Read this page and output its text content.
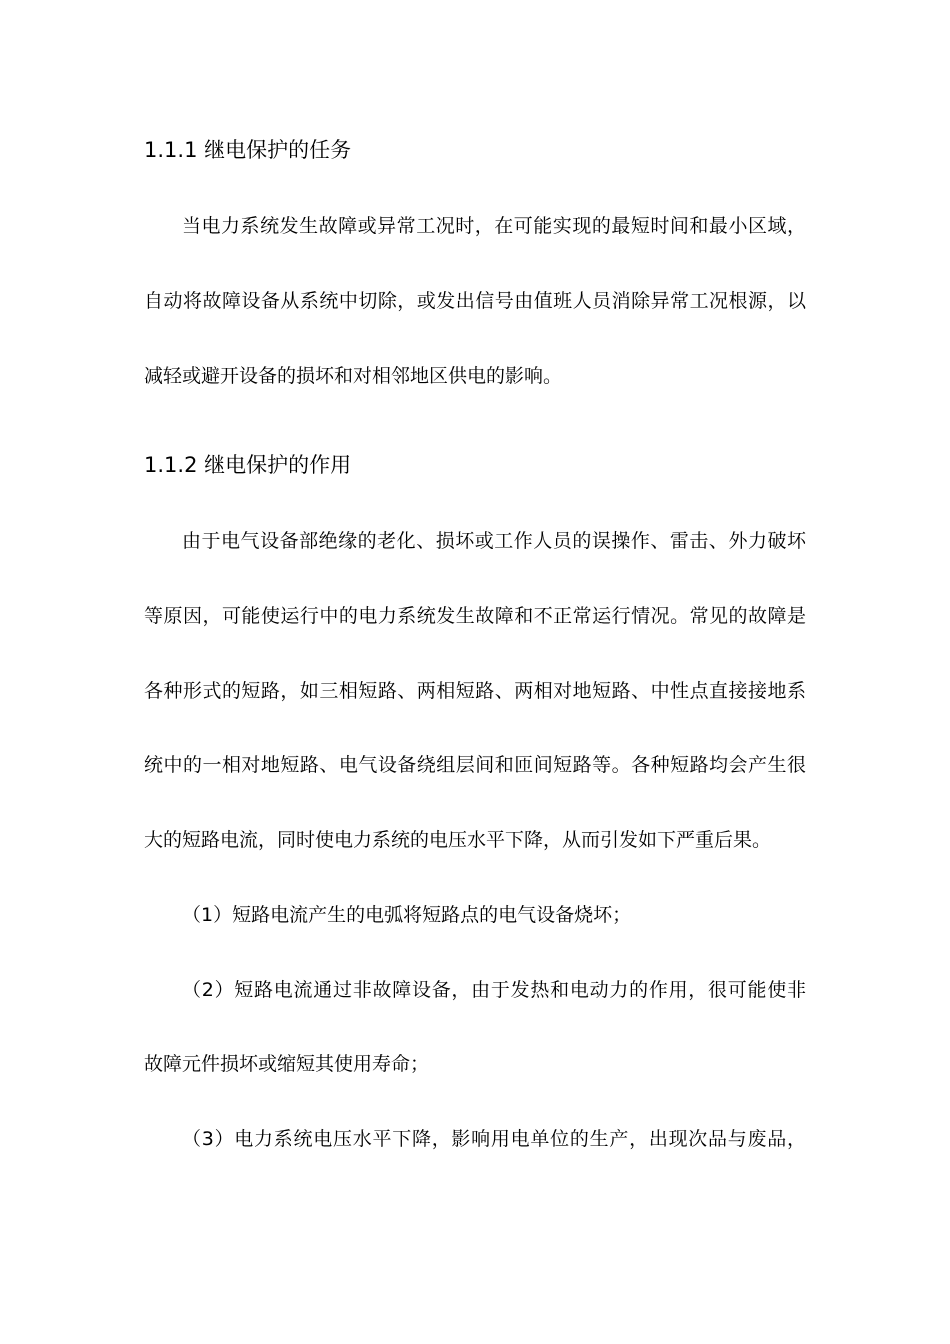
1.1.1 继电保护的任务
当电力系统发生故障或异常工况时，在可能实现的最短时间和最小区域，
自动将故障设备从系统中切除，或发出信号由值班人员消除异常工况根源，以
减轻或避开设备的损坏和对相邻地区供电的影响。
1.1.2 继电保护的作用
由于电气设备部绝缘的老化、损坏或工作人员的误操作、雷击、外力破坏
等原因，可能使运行中的电力系统发生故障和不正常运行情况。常见的故障是
各种形式的短路，如三相短路、两相短路、两相对地短路、中性点直接接地系
统中的一相对地短路、电气设备绕组层间和匝间短路等。各种短路均会产生很
大的短路电流，同时使电力系统的电压水平下降，从而引发如下严重后果。
（1）短路电流产生的电弧将短路点的电气设备烧坏；
（2）短路电流通过非故障设备，由于发热和电动力的作用，很可能使非
故障元件损坏或缩短其使用寿命；
（3）电力系统电压水平下降，影响用电单位的生产，出现次品与废品，
